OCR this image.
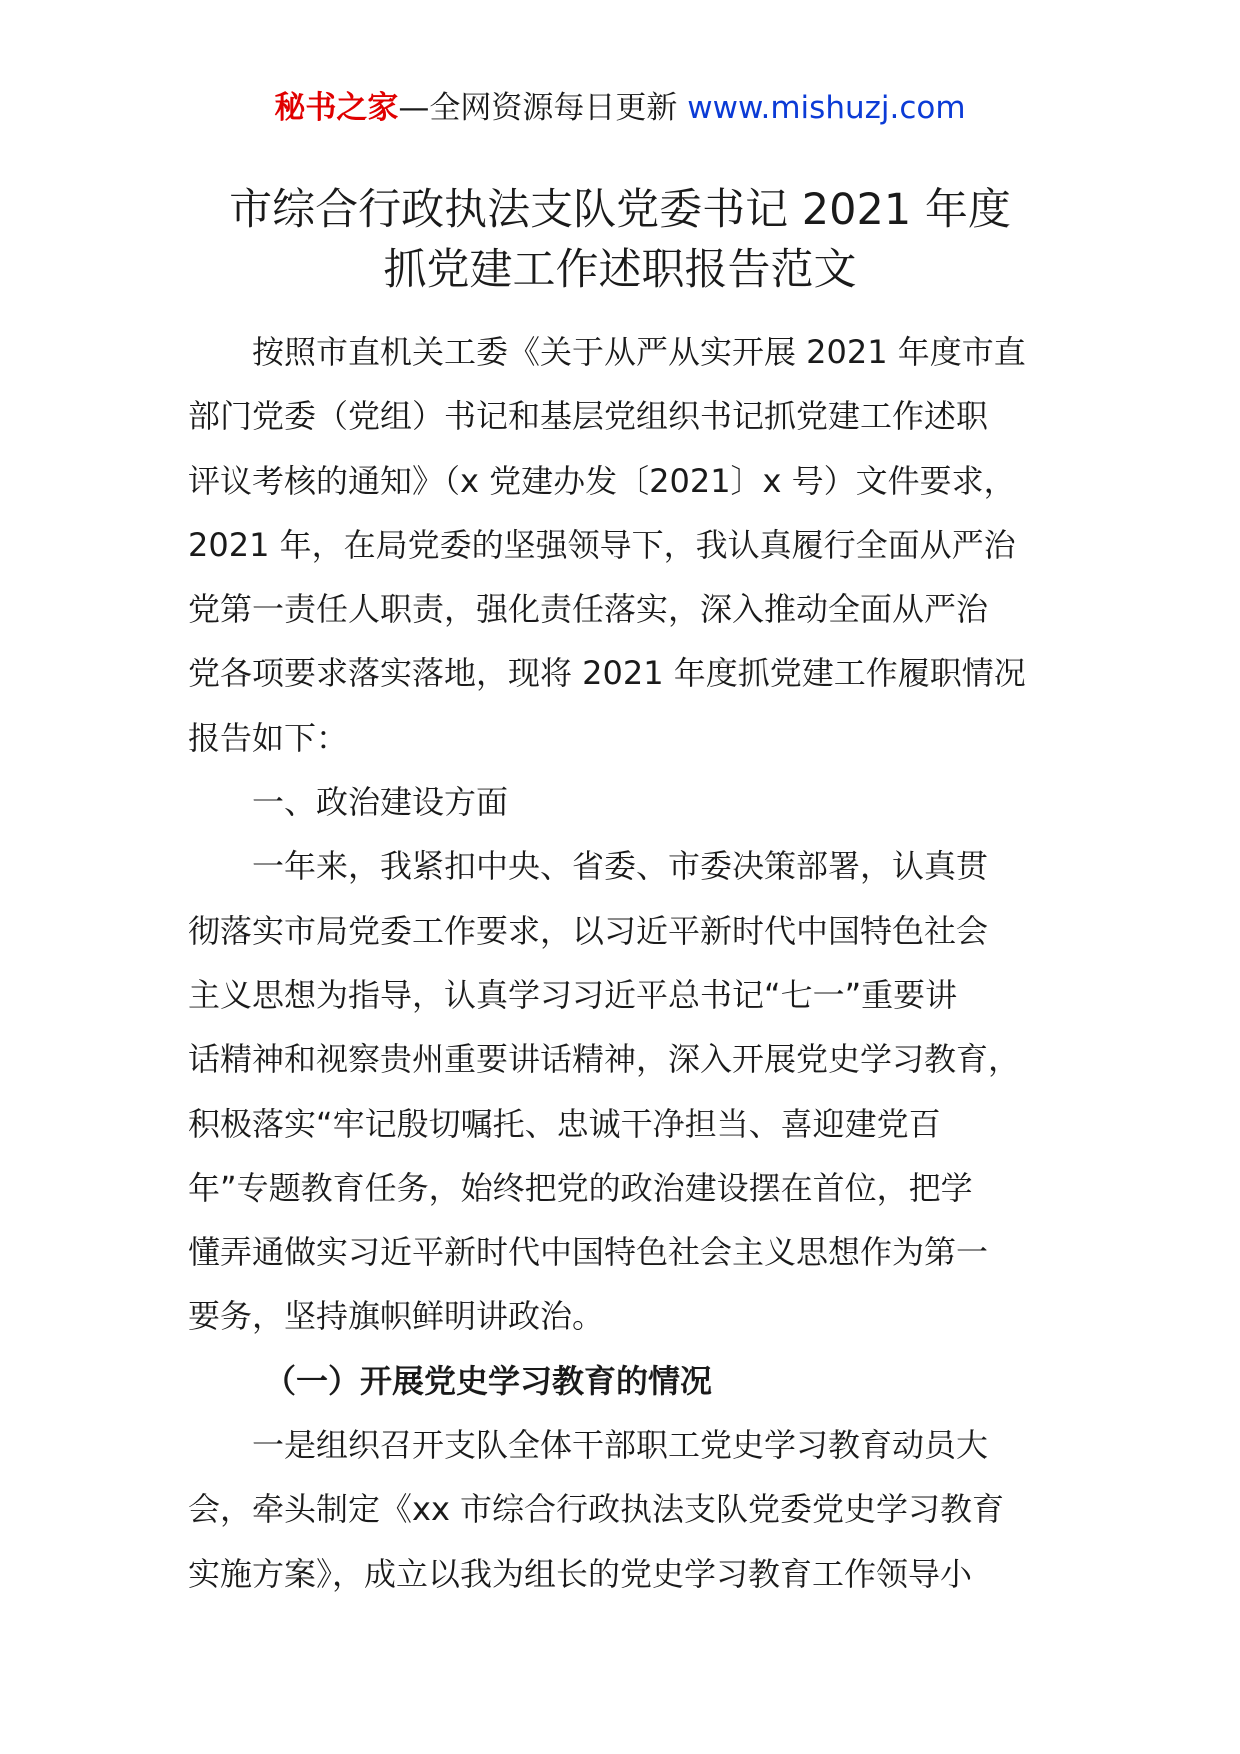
秘书之家—全网资源每日更新 www.mishuzj.com
市综合行政执法支队党委书记 2021 年度
抓党建工作述职报告范文
按照市直机关工委《关于从严从实开展 2021 年度市直
部门党委（党组）书记和基层党组织书记抓党建工作述职
评议考核的通知》（x 党建办发〔2021〕x 号）文件要求，
2021 年，在局党委的坚强领导下，我认真履行全面从严治
党第一责任人职责，强化责任落实，深入推动全面从严治
党各项要求落实落地，现将 2021 年度抓党建工作履职情况
报告如下：
一、政治建设方面
一年来，我紧扣中央、省委、市委决策部署，认真贯
彻落实市局党委工作要求，以习近平新时代中国特色社会
主义思想为指导，认真学习习近平总书记“七一”重要讲
话精神和视察贵州重要讲话精神，深入开展党史学习教育，
积极落实“牢记殷切嘱托、忠诚干净担当、喜迎建党百
年”专题教育任务，始终把党的政治建设摆在首位，把学
懂弄通做实习近平新时代中国特色社会主义思想作为第一
要务，坚持旗帜鲜明讲政治。
（一）开展党史学习教育的情况
一是组织召开支队全体干部职工党史学习教育动员大
会，牵头制定《xx 市综合行政执法支队党委党史学习教育
实施方案》，成立以我为组长的党史学习教育工作领导小
